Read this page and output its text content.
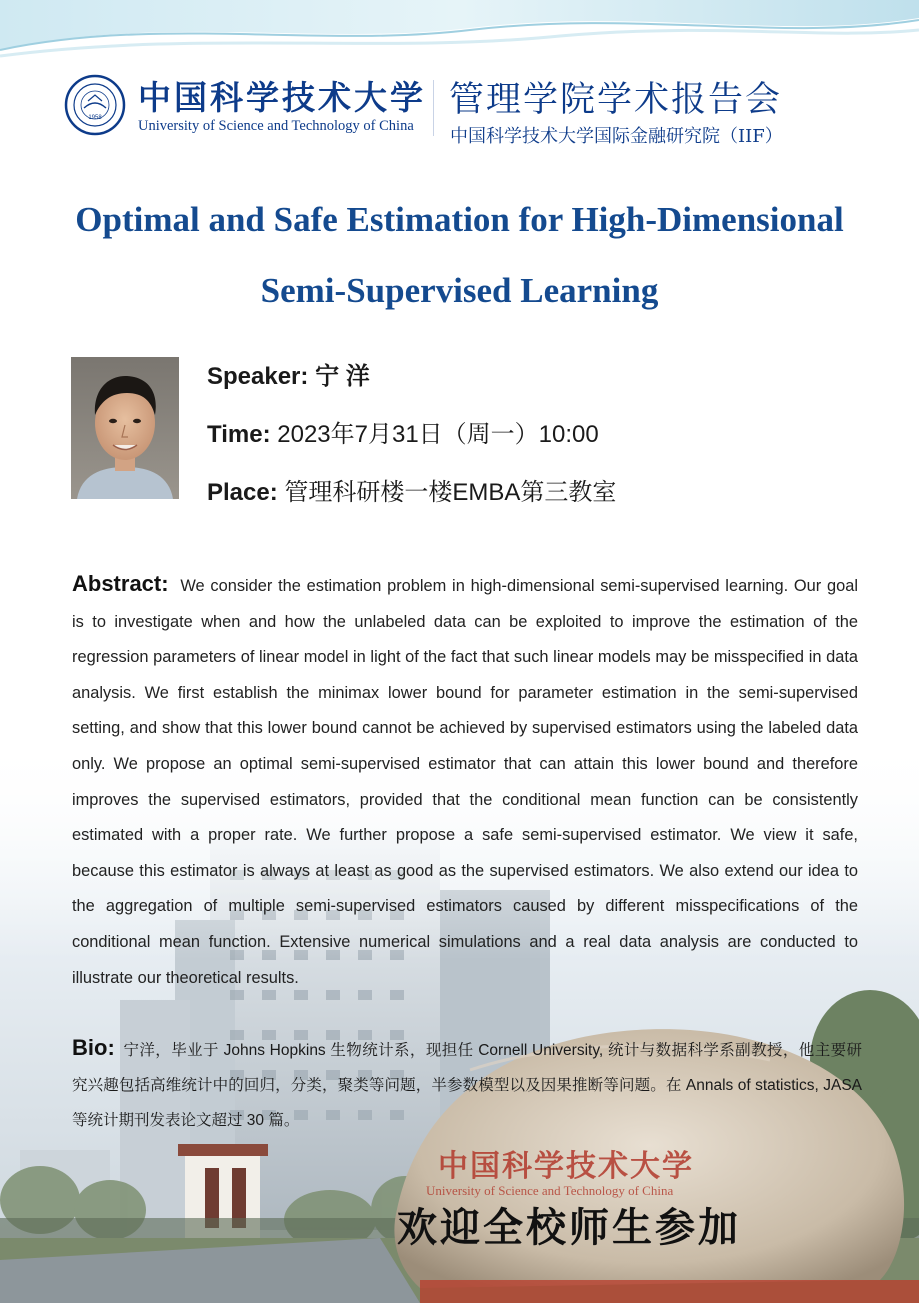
1958
中国科学技术大学
University of Science and Technology of China
管理学院学术报告会
中国科学技术大学国际金融研究院（IIF）
Optimal and Safe Estimation for High-Dimensional
Semi-Supervised Learning
Speaker: 宁 洋
Time: 2023年7月31日（周一）10:00
Place: 管理科研楼一楼EMBA第三教室
Abstract: We consider the estimation problem in high-dimensional semi-supervised learning. Our goal is to investigate when and how the unlabeled data can be exploited to improve the estimation of the regression parameters of linear model in light of the fact that such linear models may be misspecified in data analysis. We first establish the minimax lower bound for parameter estimation in the semi-supervised setting, and show that this lower bound cannot be achieved by supervised estimators using the labeled data only. We propose an optimal semi-supervised estimator that can attain this lower bound and therefore improves the supervised estimators, provided that the conditional mean function can be consistently estimated with a proper rate. We further propose a safe semi-supervised estimator. We view it safe, because this estimator is always at least as good as the supervised estimators. We also extend our idea to the aggregation of multiple semi-supervised estimators caused by different misspecifications of the conditional mean function. Extensive numerical simulations and a real data analysis are conducted to illustrate our theoretical results.
Bio: 宁洋，毕业于 Johns Hopkins 生物统计系，现担任 Cornell University, 统计与数据科学系副教授，他主要研究兴趣包括高维统计中的回归，分类，聚类等问题，半参数模型以及因果推断等问题。在 Annals of statistics, JASA 等统计期刊发表论文超过 30 篇。
中国科学技术大学
University of Science and Technology of China
欢迎全校师生参加
